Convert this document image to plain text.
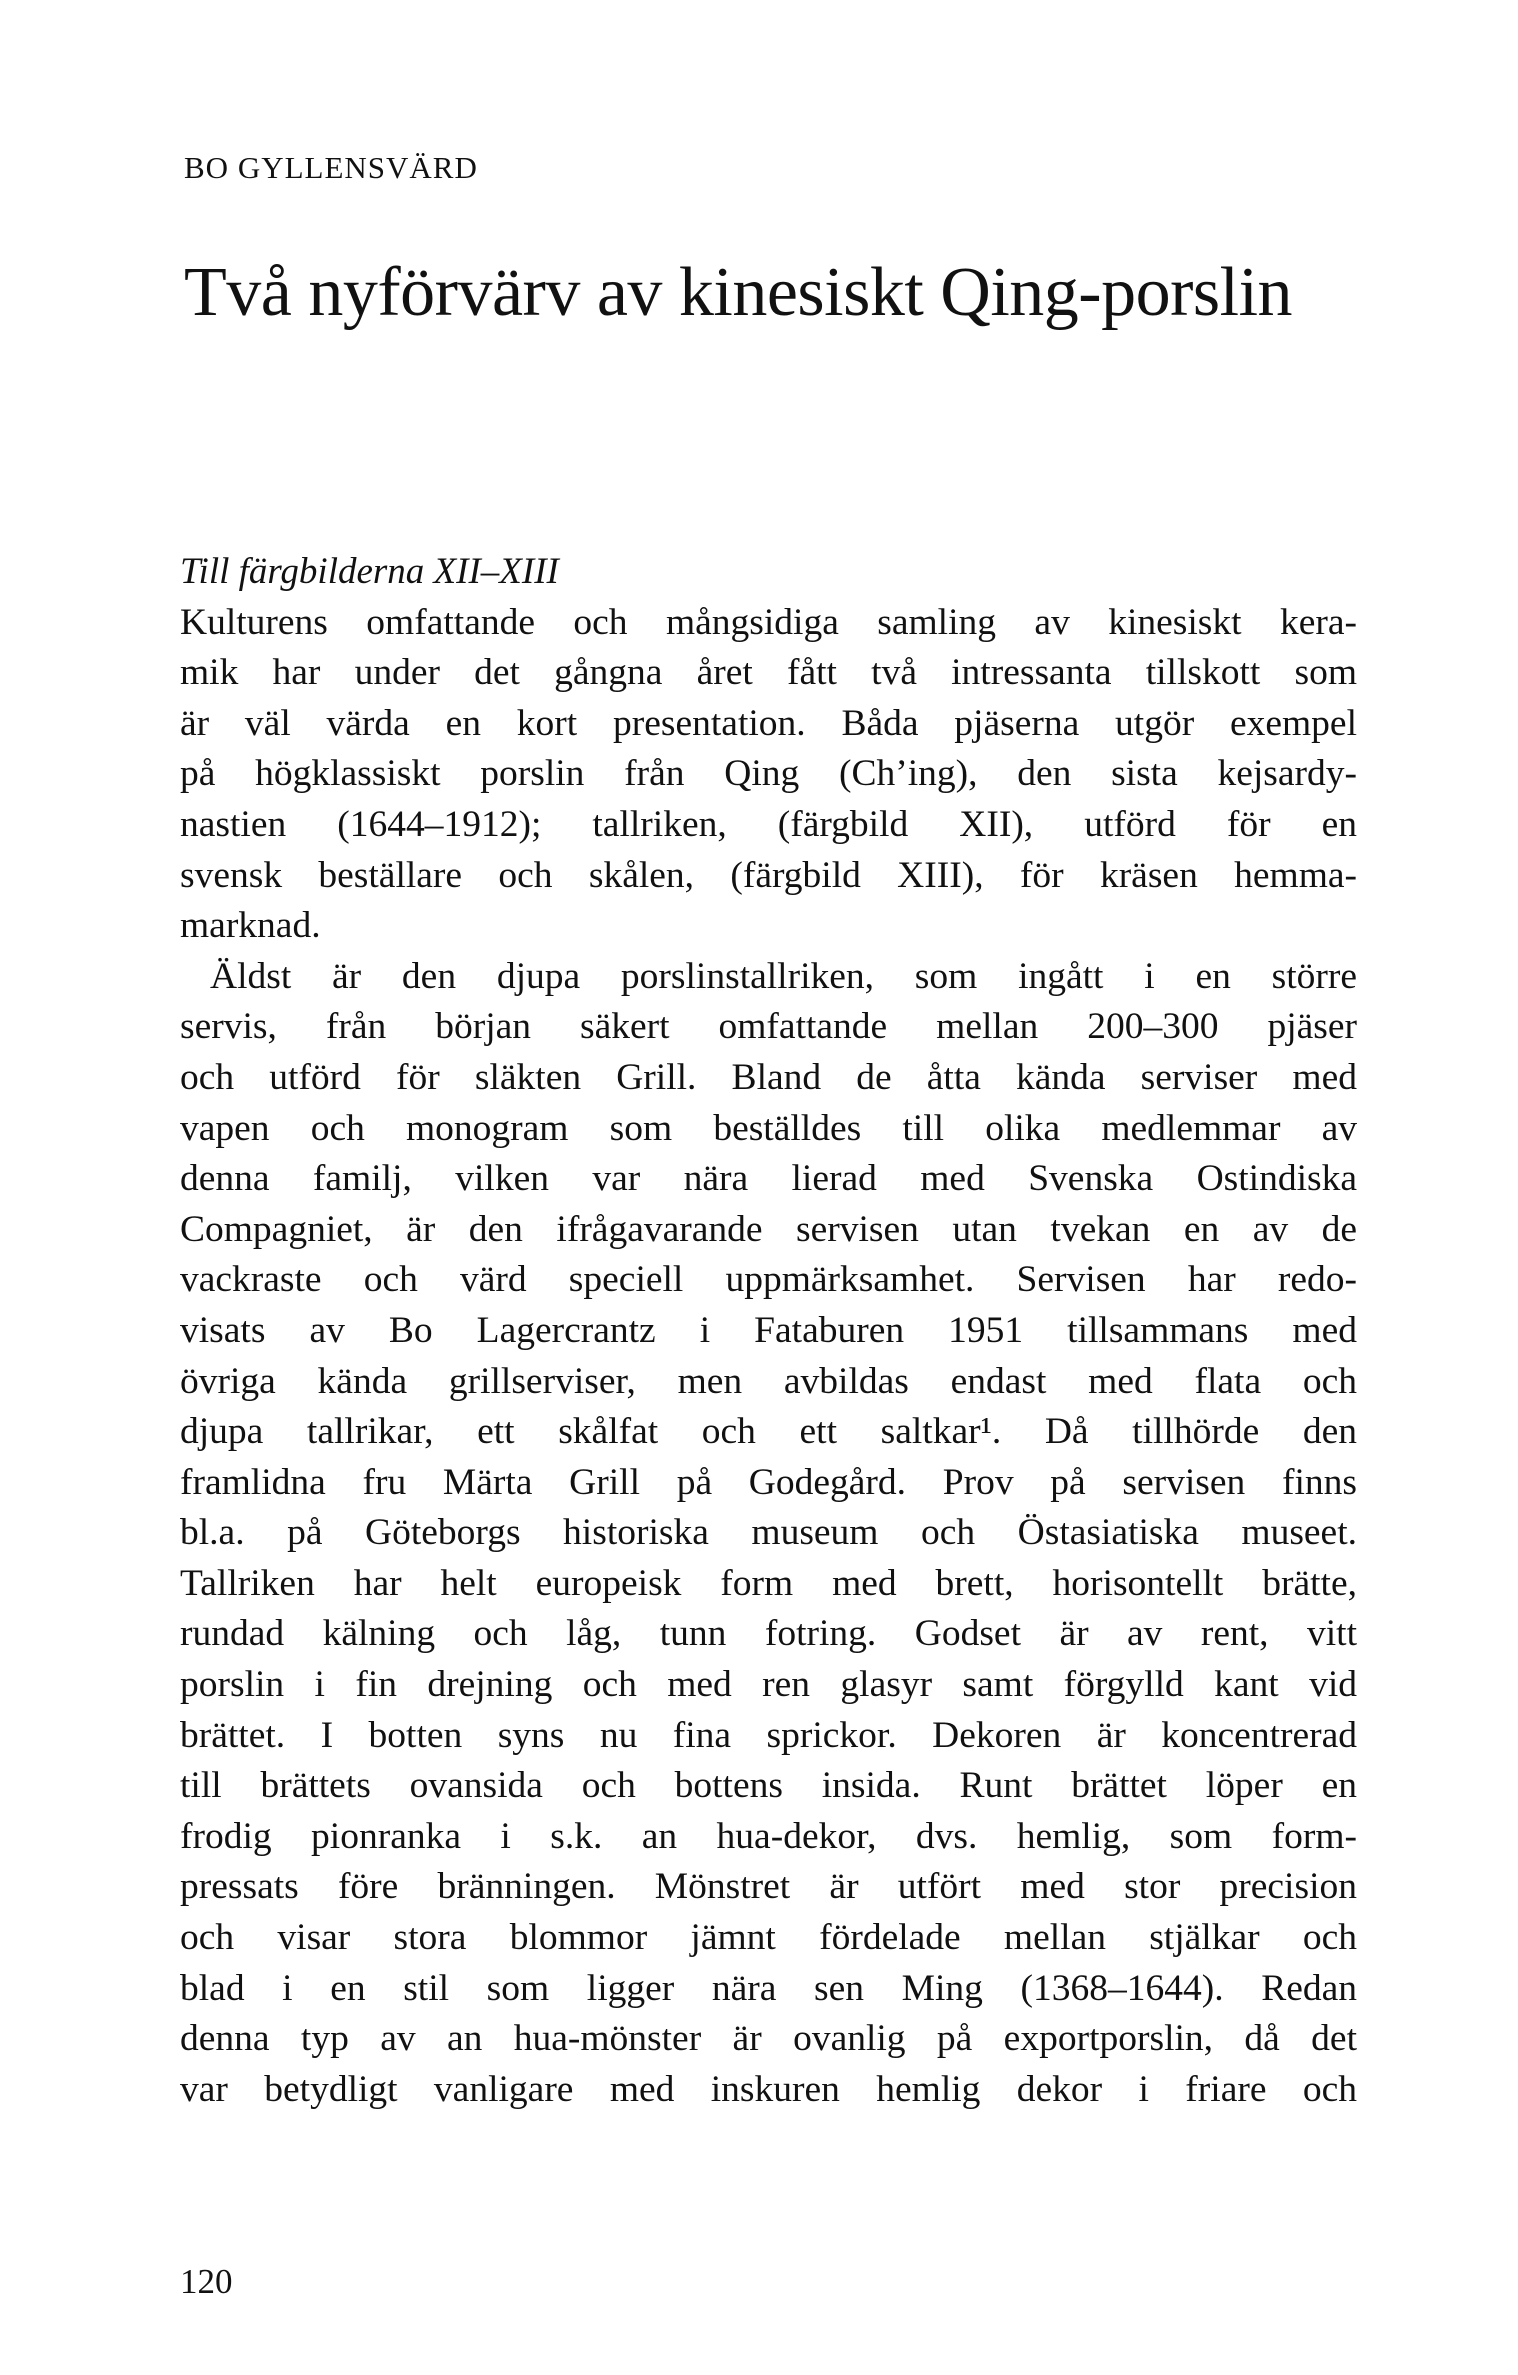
BO GYLLENSVÄRD
Två nyförvärv av kinesiskt Qing-porslin
Till färgbilderna XII–XIII
Kulturens omfattande och mångsidiga samling av kinesiskt kera-
mik har under det gångna året fått två intressanta tillskott som
är väl värda en kort presentation. Båda pjäserna utgör exempel
på högklassiskt porslin från Qing (Ch’ing), den sista kejsardy-
nastien (1644–1912); tallriken, (färgbild XII), utförd för en
svensk beställare och skålen, (färgbild XIII), för kräsen hemma-
marknad.
Äldst är den djupa porslinstallriken, som ingått i en större
servis, från början säkert omfattande mellan 200–300 pjäser
och utförd för släkten Grill. Bland de åtta kända serviser med
vapen och monogram som beställdes till olika medlemmar av
denna familj, vilken var nära lierad med Svenska Ostindiska
Compagniet, är den ifrågavarande servisen utan tvekan en av de
vackraste och värd speciell uppmärksamhet. Servisen har redo-
visats av Bo Lagercrantz i Fataburen 1951 tillsammans med
övriga kända grillserviser, men avbildas endast med flata och
djupa tallrikar, ett skålfat och ett saltkar¹. Då tillhörde den
framlidna fru Märta Grill på Godegård. Prov på servisen finns
bl.a. på Göteborgs historiska museum och Östasiatiska museet.
Tallriken har helt europeisk form med brett, horisontellt brätte,
rundad kälning och låg, tunn fotring. Godset är av rent, vitt
porslin i fin drejning och med ren glasyr samt förgylld kant vid
brättet. I botten syns nu fina sprickor. Dekoren är koncentrerad
till brättets ovansida och bottens insida. Runt brättet löper en
frodig pionranka i s.k. an hua-dekor, dvs. hemlig, som form-
pressats före bränningen. Mönstret är utfört med stor precision
och visar stora blommor jämnt fördelade mellan stjälkar och
blad i en stil som ligger nära sen Ming (1368–1644). Redan
denna typ av an hua-mönster är ovanlig på exportporslin, då det
var betydligt vanligare med inskuren hemlig dekor i friare och
120
